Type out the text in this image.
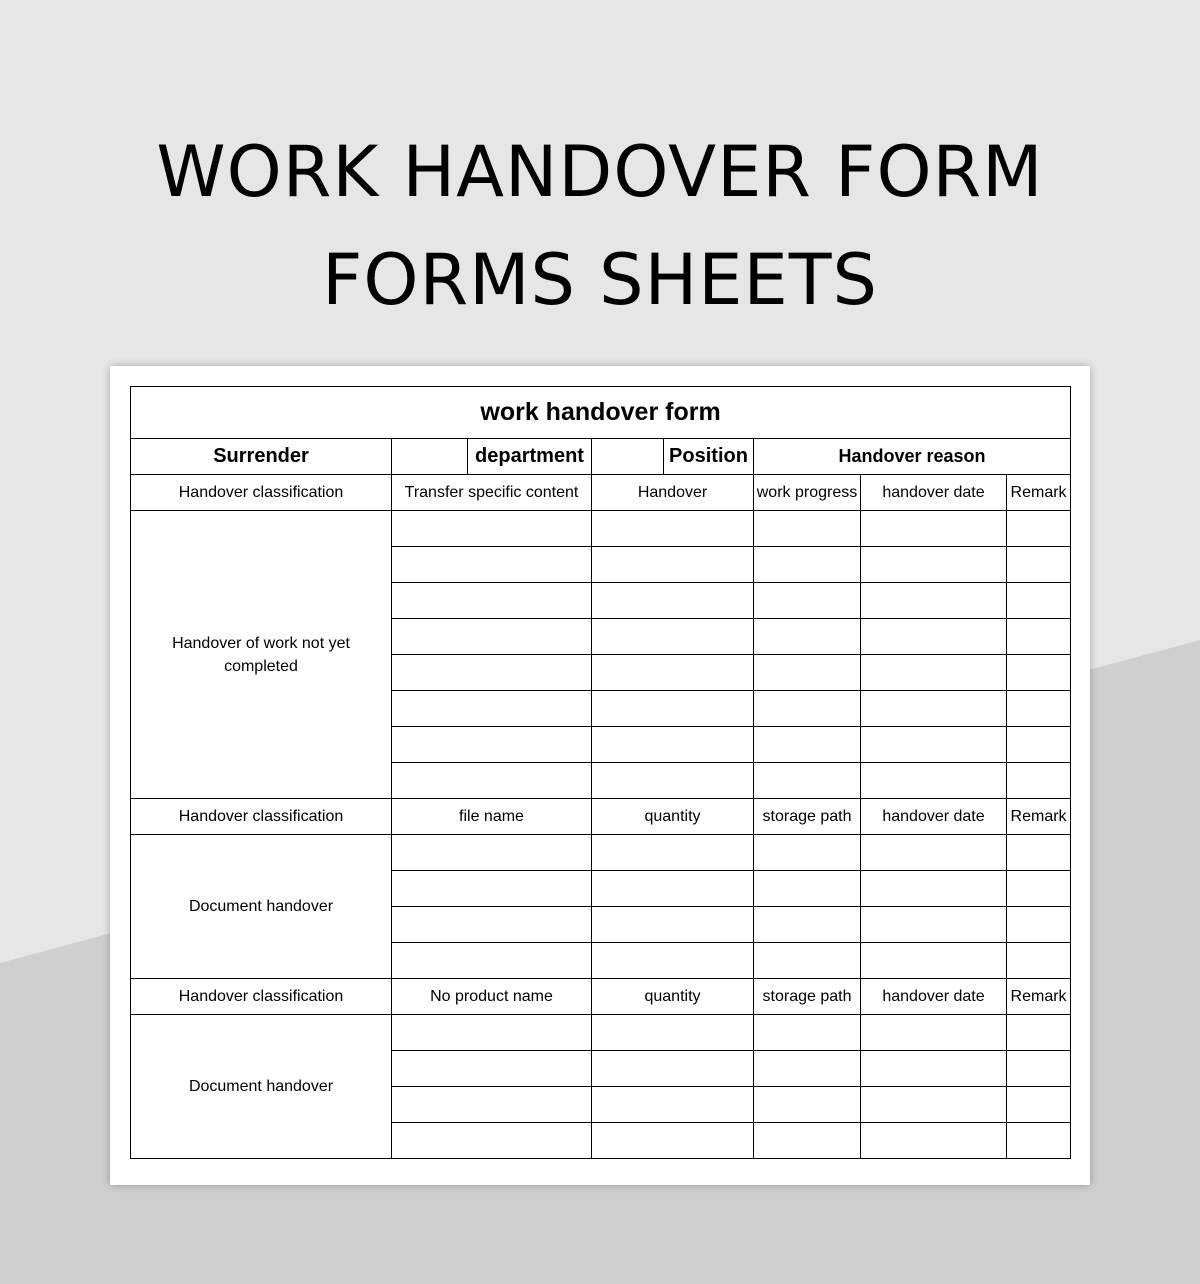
WORK HANDOVER FORM
FORMS SHEETS
work handover form							
Surrender		department		Position	Handover reason		
Handover classification	Transfer specific content		Handover		work progress	handover date	Remark
Handover of work not yet completed							

Handover classification	file name		quantity		storage path	handover date	Remark
Document handover							

Handover classification	No product name		quantity		storage path	handover date	Remark
Document handover							
